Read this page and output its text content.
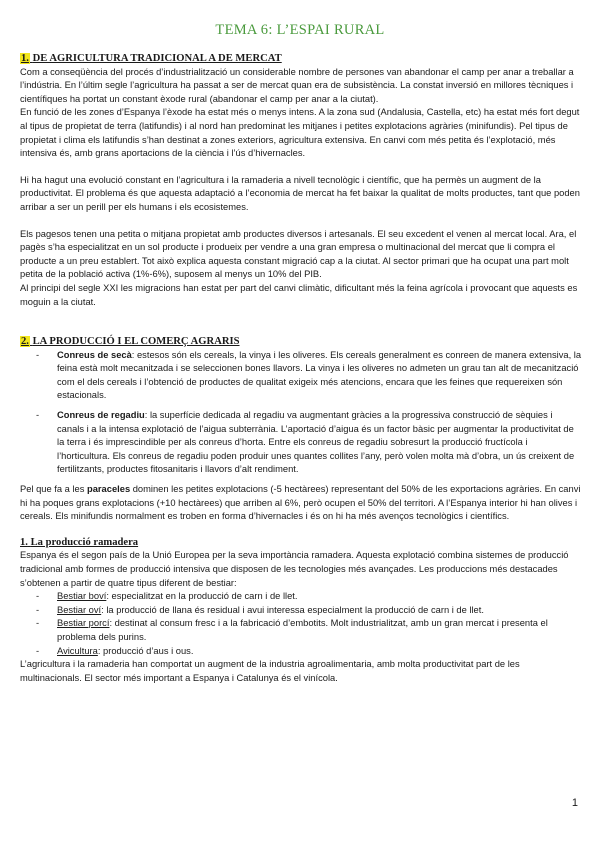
TEMA 6: L’ESPAI RURAL
1. DE AGRICULTURA TRADICIONAL A DE MERCAT

Com a conseqüència del procés d’industrialització un considerable nombre de persones van abandonar el camp per anar a treballar a l’indústria. En l’últim segle l’agricultura ha passat a ser de mercat quan era de subsistència. La constat inversió en millores tècniques i científiques ha portat un constant èxode rural (abandonar el camp per anar a la ciutat).

En funció de les zones d’Espanya l’èxode ha estat més o menys intens. A la zona sud (Andalusia, Castella, etc) ha estat més fort degut al tipus de propietat de terra (latifundis) i al nord han predominat les mitjanes i petites explotacions agràries (minifundis). Pel tipus de propietat i clima els latifundis s’han destinat a zones exteriors, agricultura extensiva. En canvi com més petita és l’explotació, més intensiva és, amb grans aportacions de la ciència i l’ús d’hivernacles.

Hi ha hagut una evolució constant en l’agricultura i la ramaderia a nivell tecnològic i científic, que ha permès un augment de la productivitat. El problema és que aquesta adaptació a l’economia de mercat ha fet baixar la qualitat de molts productes, tant que poden arribar a ser un perill per els humans i els ecosistemes.

Els pagesos tenen una petita o mitjana propietat amb productes diversos i artesanals. El seu excedent el venen al mercat local. Ara, el pagès s’ha especialitzat en un sol producte i produeix per vendre a una gran empresa o multinacional del mercat que li compra el producte a un preu establert. Tot això explica aquesta constant migració cap a la ciutat. Al sector primari que ha ocupat una part molt petita de la població activa (1%-6%), suposem al menys un 10% del PIB.

Al principi del segle XXI les migracions han estat per part del canvi climàtic, dificultant més la feina agrícola i provocant que aquests es moguin a la ciutat.

2. LA PRODUCCIÓ I EL COMERÇ AGRARIS
- Conreus de secà: estesos són els cereals, la vinya i les oliveres. Els cereals generalment es conreen de manera extensiva, la feina està molt mecanitzada i se seleccionen bones llavors. La vinya i les oliveres no admeten un grau tan alt de mecanització com el dels cereals i l’obtenció de productes de qualitat exigeix més atencions, encara que les feines que requereixen són estacionals.
- Conreus de regadiu: la superfície dedicada al regadiu va augmentant gràcies a la progressiva construcció de sèquies i canals i a la intensa explotació de l’aigua subterrània. L’aportació d’aigua és un factor bàsic per augmentar la productivitat de la terra i és imprescindible per als conreus d’horta. Entre els conreus de regadiu sobresurt la producció fructícola i l’horticultura. Els conreus de regadiu poden produir unes quantes collites l’any, però volen molta mà d’obra, un ús creixent de fertilitzants, productes fitosanitaris i llavors d’alt rendiment.

Pel que fa a les paraceles dominen les petites explotacions (-5 hectàrees) representant del 50% de les exportacions agràries. En canvi hi ha poques grans explotacions (+10 hectàrees) que arriben al 6%, però ocupen el 50% del territori. A l’Espanya interior hi han olives i cereals. Els minifundis normalment es troben en forma d’hivernacles i és on hi ha més avenços tecnològics i científics.

1. La producció ramadera

Espanya és el segon país de la Unió Europea per la seva importància ramadera. Aquesta explotació combina sistemes de producció tradicional amb formes de producció intensiva que disposen de les tecnologies més avançades. Les produccions més destacades s’obtenen a partir de quatre tipus diferent de bestiar:

- Bestiar boví: especialitzat en la producció de carn i de llet.
- Bestiar oví: la producció de llana és residual i avui interessa especialment la producció de carn i de llet.
- Bestiar porcí: destinat al consum fresc i a la fabricació d’embotits. Molt industrialitzat, amb un gran mercat i presenta el problema dels purins.
- Avicultura: producció d’aus i ous.

L’agricultura i la ramaderia han comportat un augment de la industria agroalimentaria, amb molta productivitat part de les multinacionals. El sector més important a Espanya i Catalunya és el vinícola.

1
